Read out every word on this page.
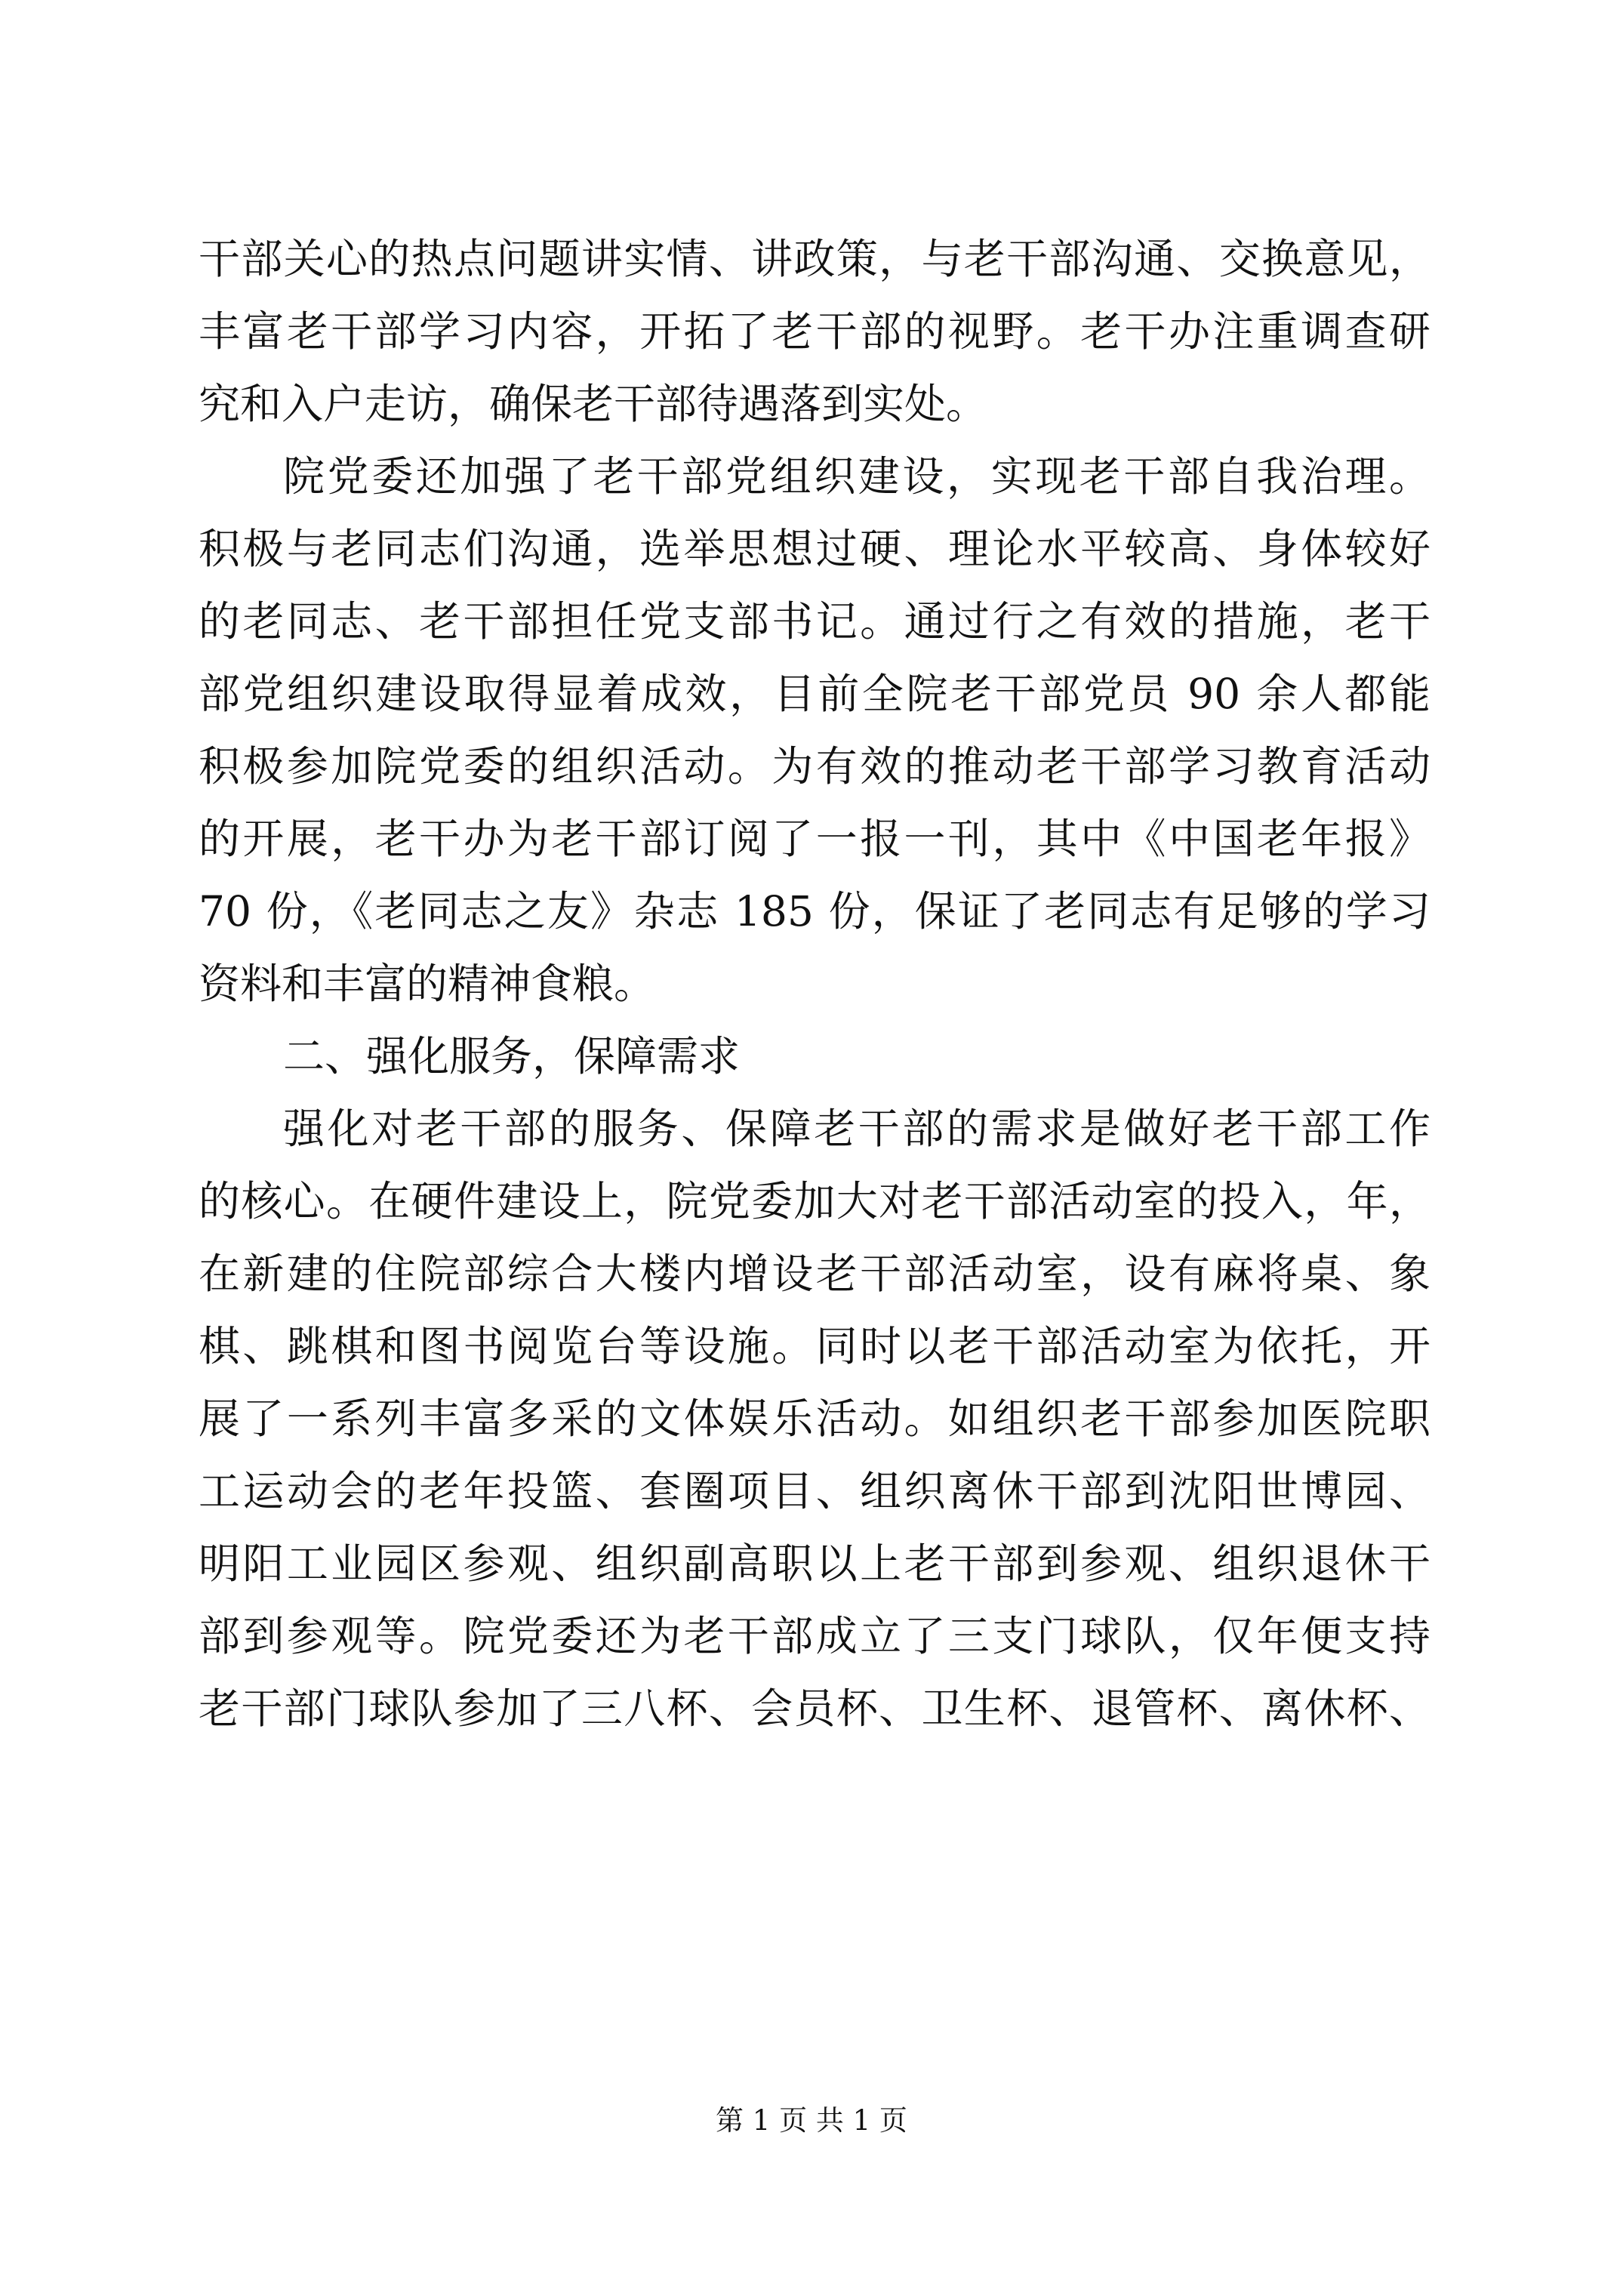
干部关心的热点问题讲实情、讲政策，与老干部沟通、交换意见，
丰富老干部学习内容，开拓了老干部的视野。老干办注重调查研
究和入户走访，确保老干部待遇落到实处。
院党委还加强了老干部党组织建设，实现老干部自我治理。
积极与老同志们沟通，选举思想过硬、理论水平较高、身体较好
的老同志、老干部担任党支部书记。通过行之有效的措施，老干
部党组织建设取得显着成效，目前全院老干部党员 90 余人都能
积极参加院党委的组织活动。为有效的推动老干部学习教育活动
的开展，老干办为老干部订阅了一报一刊，其中《中国老年报》
70 份，《老同志之友》杂志 185 份，保证了老同志有足够的学习
资料和丰富的精神食粮。
二、强化服务，保障需求
强化对老干部的服务、保障老干部的需求是做好老干部工作
的核心。在硬件建设上，院党委加大对老干部活动室的投入，年，
在新建的住院部综合大楼内增设老干部活动室，设有麻将桌、象
棋、跳棋和图书阅览台等设施。同时以老干部活动室为依托，开
展了一系列丰富多采的文体娱乐活动。如组织老干部参加医院职
工运动会的老年投篮、套圈项目、组织离休干部到沈阳世博园、
明阳工业园区参观、组织副高职以上老干部到参观、组织退休干
部到参观等。院党委还为老干部成立了三支门球队，仅年便支持
老干部门球队参加了三八杯、会员杯、卫生杯、退管杯、离休杯、
第 1 页 共 1 页
